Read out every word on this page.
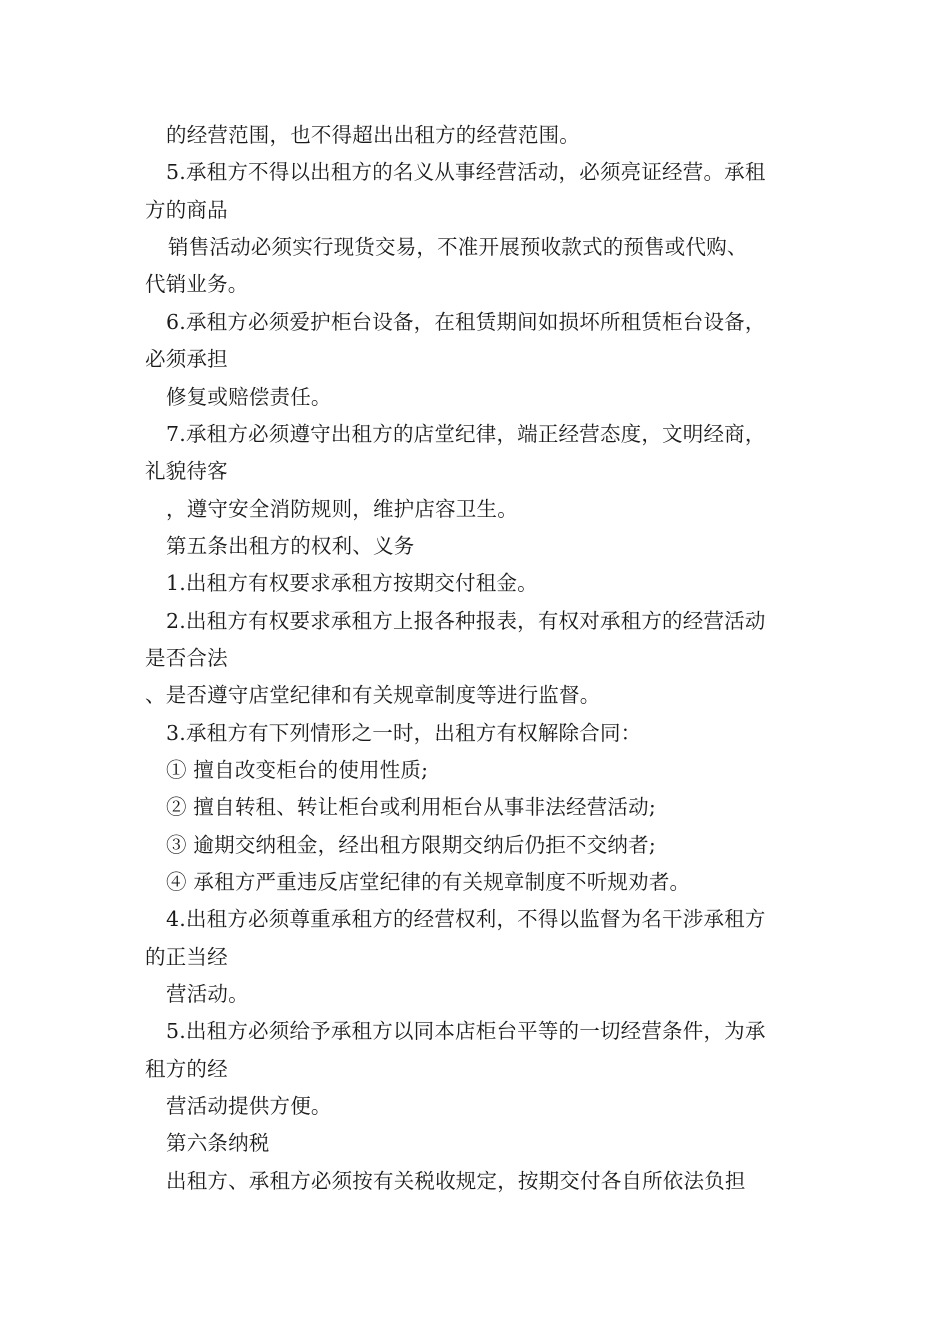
的经营范围，也不得超出出租方的经营范围。
5.承租方不得以出租方的名义从事经营活动，必须亮证经营。承租
方的商品
销售活动必须实行现货交易，不准开展预收款式的预售或代购、
代销业务。
6.承租方必须爱护柜台设备，在租赁期间如损坏所租赁柜台设备，
必须承担
修复或赔偿责任。
7.承租方必须遵守出租方的店堂纪律，端正经营态度，文明经商，
礼貌待客
，遵守安全消防规则，维护店容卫生。
第五条出租方的权利、义务
1.出租方有权要求承租方按期交付租金。
2.出租方有权要求承租方上报各种报表，有权对承租方的经营活动
是否合法
、是否遵守店堂纪律和有关规章制度等进行监督。
3.承租方有下列情形之一时，出租方有权解除合同：
① 擅自改变柜台的使用性质;
② 擅自转租、转让柜台或利用柜台从事非法经营活动;
③ 逾期交纳租金，经出租方限期交纳后仍拒不交纳者;
④ 承租方严重违反店堂纪律的有关规章制度不听规劝者。
4.出租方必须尊重承租方的经营权利，不得以监督为名干涉承租方
的正当经
营活动。
5.出租方必须给予承租方以同本店柜台平等的一切经营条件，为承
租方的经
营活动提供方便。
第六条纳税
出租方、承租方必须按有关税收规定，按期交付各自所依法负担
